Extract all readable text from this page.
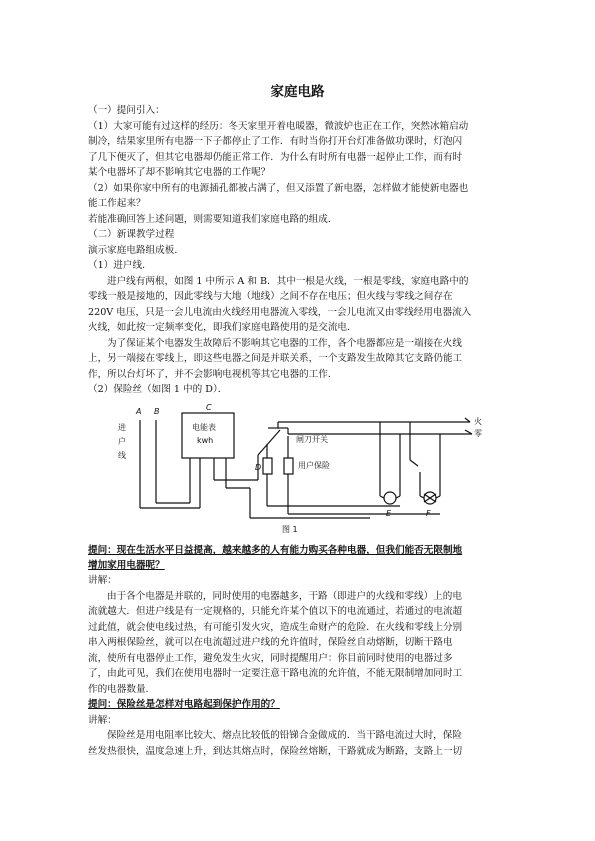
家庭电路
（一）提问引入：
（1）大家可能有过这样的经历：冬天家里开着电暖器，微波炉也正在工作，突然冰箱启动
制冷，结果家里所有电器一下子都停止了工作．有时当你打开台灯准备做功课时，灯泡闪
了几下便灭了，但其它电器却仍能正常工作．为什么有时所有电器一起停止工作，而有时
某个电器坏了却不影响其它电器的工作呢？
（2）如果你家中所有的电源插孔都被占满了，但又添置了新电器，怎样做才能使新电器也
能工作起来？
若能准确回答上述问题，则需要知道我们家庭电路的组成．
（二）新课教学过程
演示家庭电路组成板．
（1）进户线．
进户线有两根，如图 1 中所示 A 和 B．其中一根是火线，一根是零线，家庭电路中的
零线一般是接地的，因此零线与大地（地线）之间不存在电压；但火线与零线之间存在
220V 电压，只是一会儿电流由火线经用电器流入零线，一会儿电流又由零线经用电器流入
火线，如此按一定频率变化，即我们家庭电路使用的是交流电．
为了保证某个电器发生故障后不影响其它电器的工作，各个电器都应是一端接在火线
上，另一端接在零线上，即这些电器之间是并联关系，一个支路发生故障其它支路仍能工
作，所以台灯坏了，并不会影响电视机等其它电器的工作．
（2）保险丝（如图 1 中的 D）．
A B	C
D
E	F
进
户
线
电能表
kwh	闸刀开关
用户保险
火
零
图 1
提问：现在生活水平日益提高，越来越多的人有能力购买各种电器，但我们能否无限制地
增加家用电器呢？
讲解：
由于各个电器是并联的，同时使用的电器越多，干路（即进户的火线和零线）上的电
流就越大．但进户线是有一定规格的，只能允许某个值以下的电流通过，若通过的电流超
过此值，就会使电线过热，有可能引发火灾，造成生命财产的危险．在火线和零线上分别
串入两根保险丝，就可以在电流超过进户线的允许值时，保险丝自动熔断，切断干路电
流，使所有电器停止工作，避免发生火灾，同时提醒用户：你目前同时使用的电器过多
了，由此可见，我们在使用电器时一定要注意干路电流的允许值，不能无限制增加同时工
作的电器数量．
提问：保险丝是怎样对电路起到保护作用的？
讲解：
保险丝是用电阻率比较大、熔点比较低的铅锑合金做成的．当干路电流过大时，保险
丝发热很快，温度急速上升，到达其熔点时，保险丝熔断，干路就成为断路，支路上一切
